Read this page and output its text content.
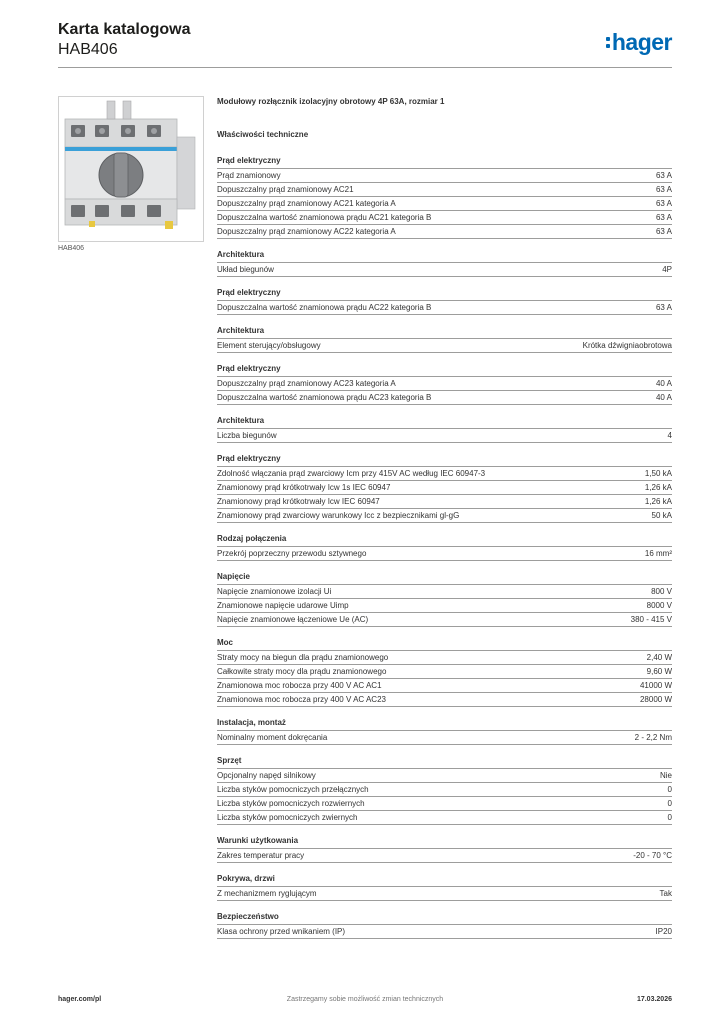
Karta katalogowa
HAB406	hager
HAB406
Modułowy rozłącznik izolacyjny obrotowy 4P 63A, rozmiar 1
Właściwości techniczne
Prąd elektryczny
Prąd znamionowy	63 A
Dopuszczalny prąd znamionowy AC21	63 A
Dopuszczalny prąd znamionowy AC21 kategoria A	63 A
Dopuszczalna wartość znamionowa prądu AC21 kategoria B	63 A
Dopuszczalny prąd znamionowy AC22 kategoria A	63 A
Architektura
Układ biegunów	4P
Prąd elektryczny
Dopuszczalna wartość znamionowa prądu AC22 kategoria B	63 A
Architektura
Element sterujący/obsługowy	Krótka dźwigniaobrotowa
Prąd elektryczny
Dopuszczalny prąd znamionowy AC23 kategoria A	40 A
Dopuszczalna wartość znamionowa prądu AC23 kategoria B	40 A
Architektura
Liczba biegunów	4
Prąd elektryczny
Zdolność włączania prąd zwarciowy Icm przy 415V AC według IEC 60947-3	1,50 kA
Znamionowy prąd krótkotrwały Icw 1s IEC 60947	1,26 kA
Znamionowy prąd krótkotrwały Icw IEC 60947	1,26 kA
Znamionowy prąd zwarciowy warunkowy Icc z bezpiecznikami gl-gG	50 kA
Rodzaj połączenia
Przekrój poprzeczny przewodu sztywnego	16 mm²
Napięcie
Napięcie znamionowe izolacji Ui	800 V
Znamionowe napięcie udarowe Uimp	8000 V
Napięcie znamionowe łączeniowe Ue (AC)	380 - 415 V
Moc
Straty mocy na biegun dla prądu znamionowego	2,40 W
Całkowite straty mocy dla prądu znamionowego	9,60 W
Znamionowa moc robocza przy 400 V AC AC1	41000 W
Znamionowa moc robocza przy 400 V AC AC23	28000 W
Instalacja, montaż
Nominalny moment dokręcania	2 - 2,2 Nm
Sprzęt
Opcjonalny napęd silnikowy	Nie
Liczba styków pomocniczych przełącznych	0
Liczba styków pomocniczych rozwiernych	0
Liczba styków pomocniczych zwiernych	0
Warunki użytkowania
Zakres temperatur pracy	-20 - 70 °C
Pokrywa, drzwi
Z mechanizmem ryglującym	Tak
Bezpieczeństwo
Klasa ochrony przed wnikaniem (IP)	IP20
hager.com/pl	Zastrzegamy sobie możliwość zmian technicznych	17.03.2026
